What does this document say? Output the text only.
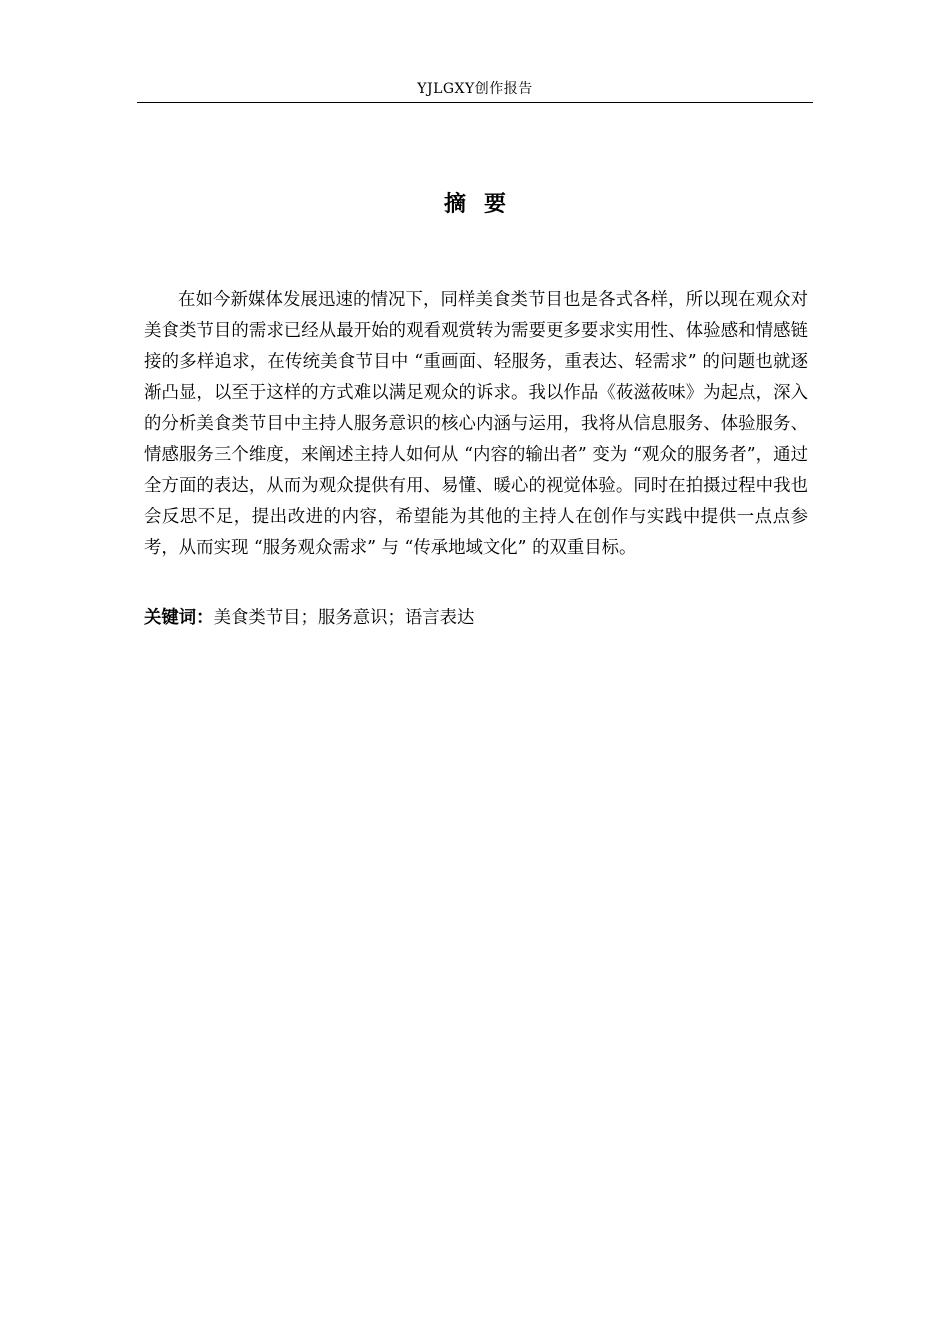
YJLGXY创作报告
摘要

在如今新媒体发展迅速的情况下，同样美食类节目也是各式各样，所以现在观众对美食类节目的需求已经从最开始的观看观赏转为需要更多要求实用性、体验感和情感链接的多样追求，在传统美食节目中 “重画面、轻服务，重表达、轻需求” 的问题也就逐渐凸显，以至于这样的方式难以满足观众的诉求。我以作品《莜滋莜味》为起点，深入的分析美食类节目中主持人服务意识的核心内涵与运用，我将从信息服务、体验服务、情感服务三个维度，来阐述主持人如何从 “内容的输出者” 变为 “观众的服务者”，通过全方面的表达，从而为观众提供有用、易懂、暖心的视觉体验。同时在拍摄过程中我也会反思不足，提出改进的内容，希望能为其他的主持人在创作与实践中提供一点点参考，从而实现 “服务观众需求” 与 “传承地域文化” 的双重目标。

关键词：美食类节目；服务意识；语言表达
